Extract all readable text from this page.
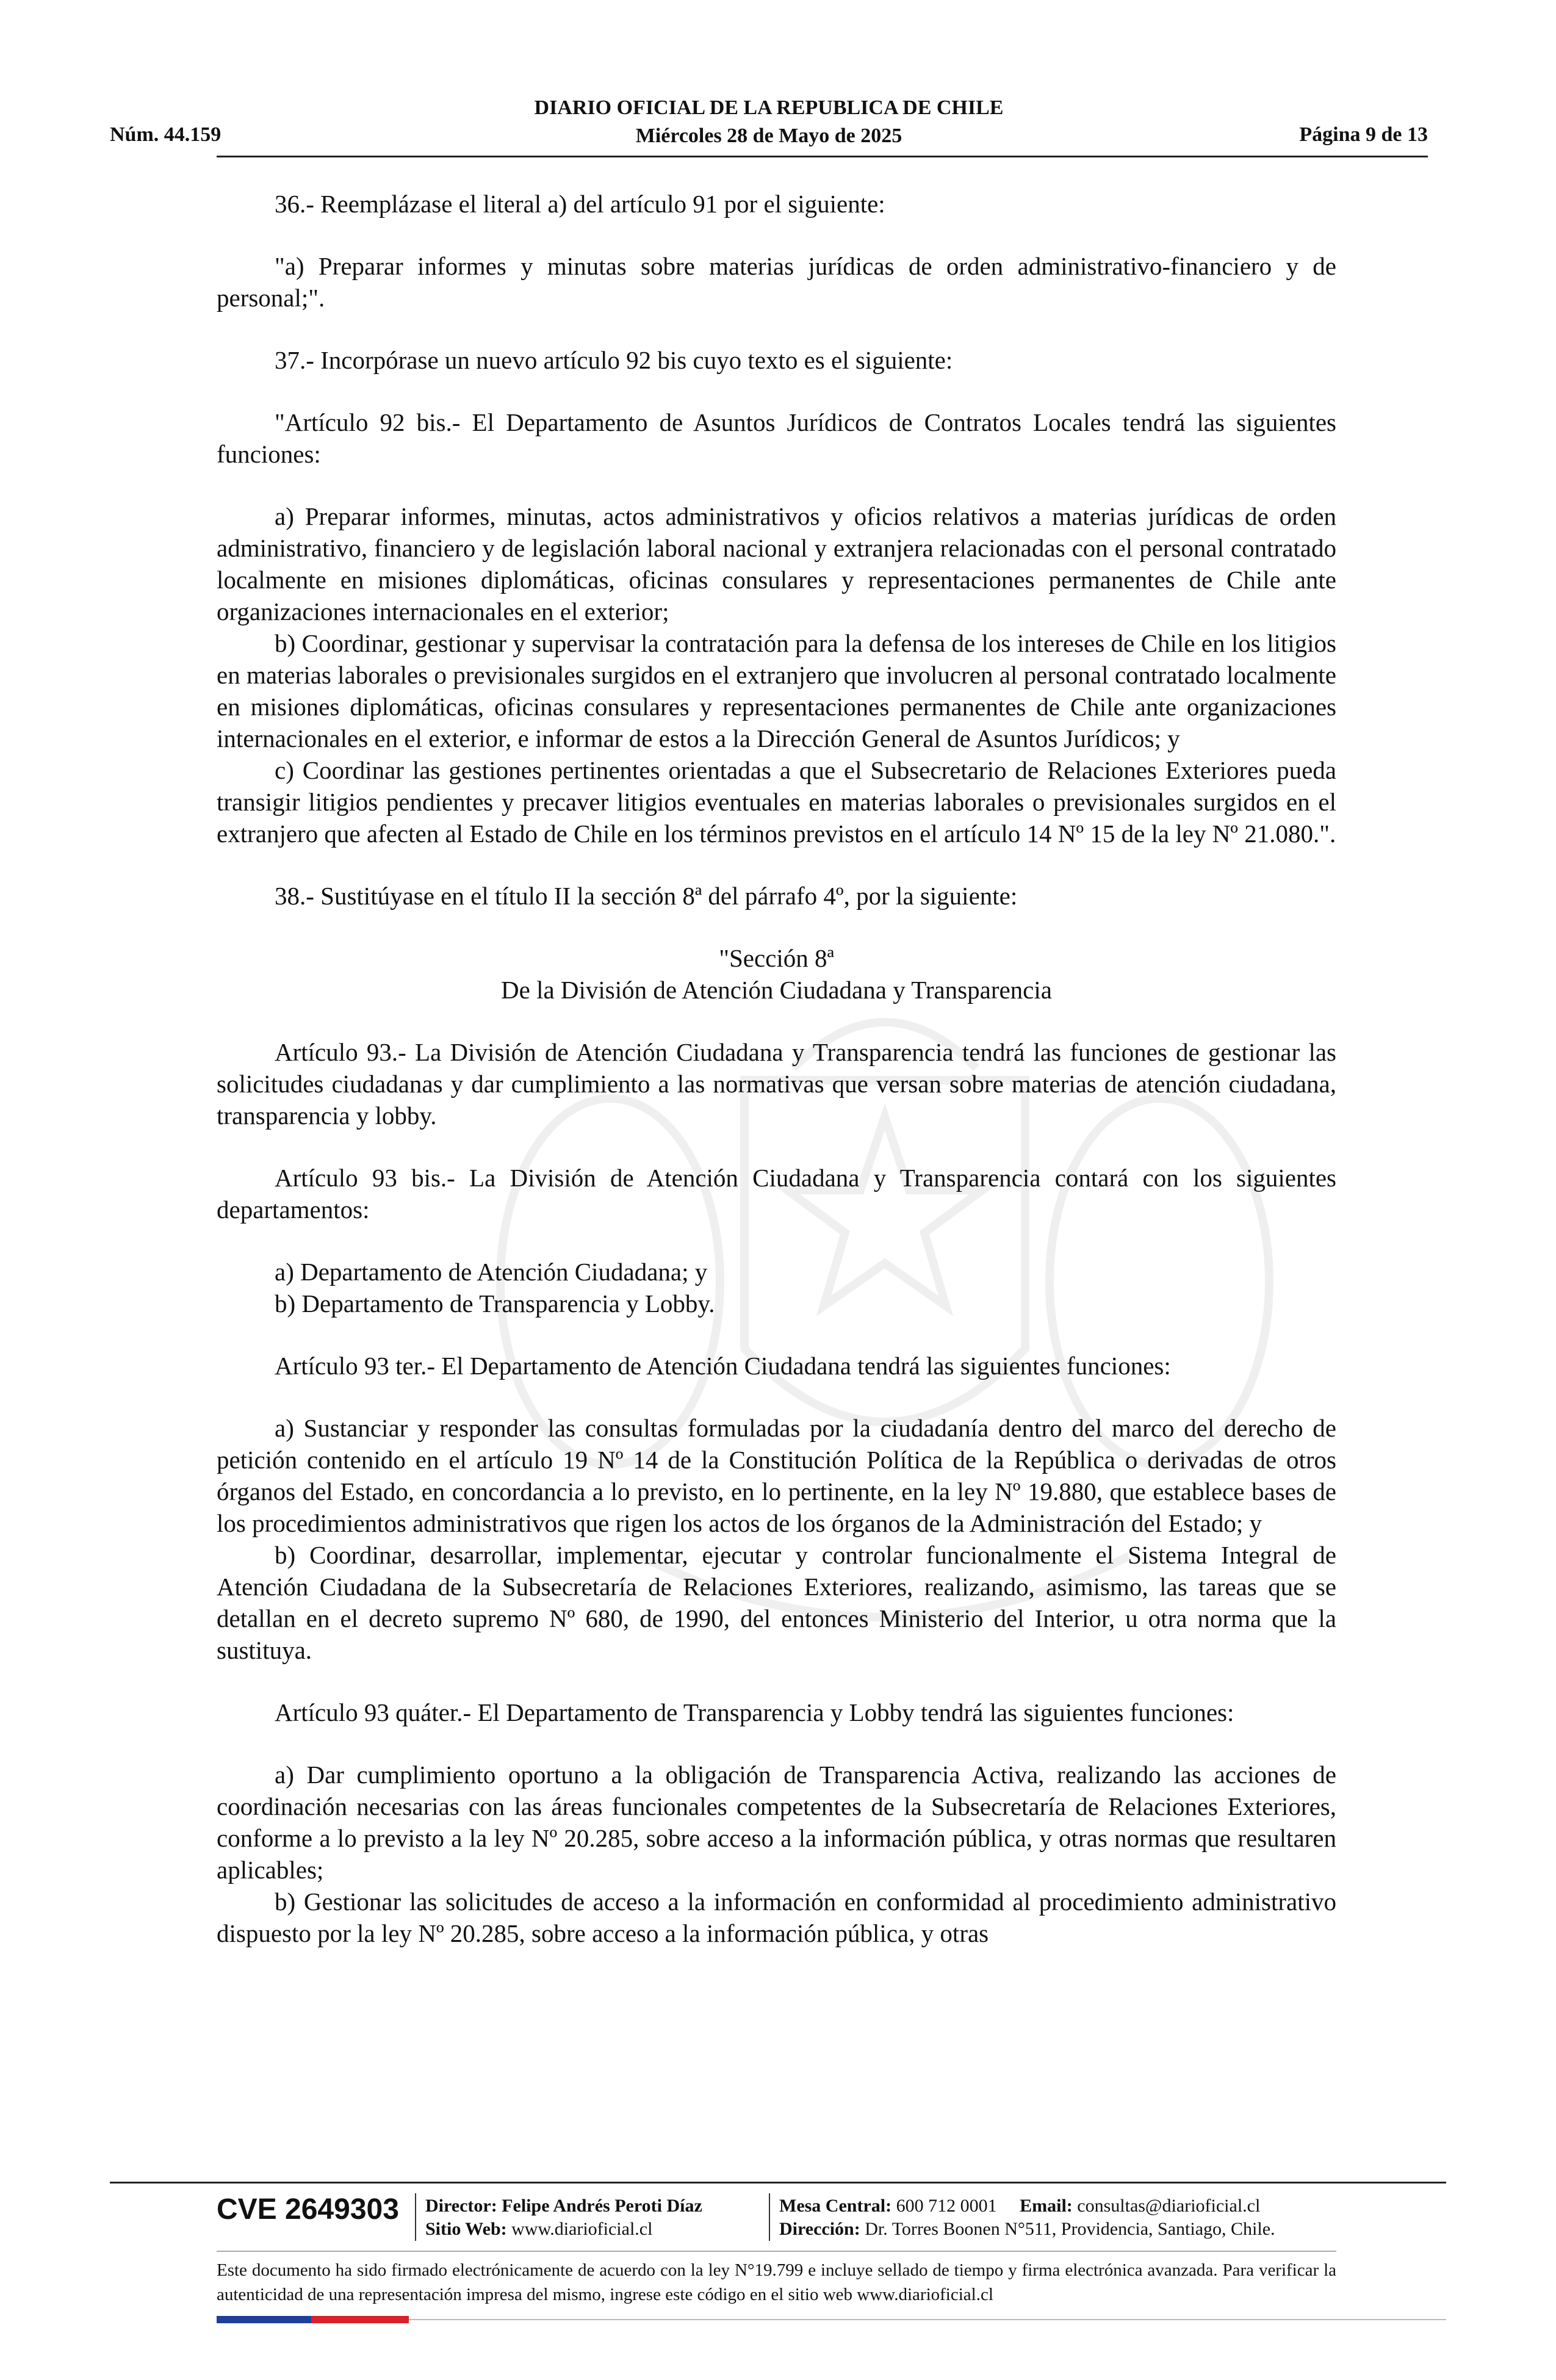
Núm. 44.159
DIARIO OFICIAL DE LA REPUBLICA DE CHILE
Miércoles 28 de Mayo de 2025	Página 9 de 13

36.- Reemplázase el literal a) del artículo 91 por el siguiente:

"a) Preparar informes y minutas sobre materias jurídicas de orden administrativo-financiero y de personal;".

37.- Incorpórase un nuevo artículo 92 bis cuyo texto es el siguiente:

"Artículo 92 bis.- El Departamento de Asuntos Jurídicos de Contratos Locales tendrá las siguientes funciones:

a) Preparar informes, minutas, actos administrativos y oficios relativos a materias jurídicas de orden administrativo, financiero y de legislación laboral nacional y extranjera relacionadas con el personal contratado localmente en misiones diplomáticas, oficinas consulares y representaciones permanentes de Chile ante organizaciones internacionales en el exterior;

b) Coordinar, gestionar y supervisar la contratación para la defensa de los intereses de Chile en los litigios en materias laborales o previsionales surgidos en el extranjero que involucren al personal contratado localmente en misiones diplomáticas, oficinas consulares y representaciones permanentes de Chile ante organizaciones internacionales en el exterior, e informar de estos a la Dirección General de Asuntos Jurídicos; y

c) Coordinar las gestiones pertinentes orientadas a que el Subsecretario de Relaciones Exteriores pueda transigir litigios pendientes y precaver litigios eventuales en materias laborales o previsionales surgidos en el extranjero que afecten al Estado de Chile en los términos previstos en el artículo 14 Nº 15 de la ley Nº 21.080.".

38.- Sustitúyase en el título II la sección 8ª del párrafo 4º, por la siguiente:

"Sección 8ª

De la División de Atención Ciudadana y Transparencia

Artículo 93.- La División de Atención Ciudadana y Transparencia tendrá las funciones de gestionar las solicitudes ciudadanas y dar cumplimiento a las normativas que versan sobre materias de atención ciudadana, transparencia y lobby.

Artículo 93 bis.- La División de Atención Ciudadana y Transparencia contará con los siguientes departamentos:

a) Departamento de Atención Ciudadana; y

b) Departamento de Transparencia y Lobby.

Artículo 93 ter.- El Departamento de Atención Ciudadana tendrá las siguientes funciones:

a) Sustanciar y responder las consultas formuladas por la ciudadanía dentro del marco del derecho de petición contenido en el artículo 19 Nº 14 de la Constitución Política de la República o derivadas de otros órganos del Estado, en concordancia a lo previsto, en lo pertinente, en la ley Nº 19.880, que establece bases de los procedimientos administrativos que rigen los actos de los órganos de la Administración del Estado; y

b) Coordinar, desarrollar, implementar, ejecutar y controlar funcionalmente el Sistema Integral de Atención Ciudadana de la Subsecretaría de Relaciones Exteriores, realizando, asimismo, las tareas que se detallan en el decreto supremo Nº 680, de 1990, del entonces Ministerio del Interior, u otra norma que la sustituya.

Artículo 93 quáter.- El Departamento de Transparencia y Lobby tendrá las siguientes funciones:

a) Dar cumplimiento oportuno a la obligación de Transparencia Activa, realizando las acciones de coordinación necesarias con las áreas funcionales competentes de la Subsecretaría de Relaciones Exteriores, conforme a lo previsto a la ley Nº 20.285, sobre acceso a la información pública, y otras normas que resultaren aplicables;

b) Gestionar las solicitudes de acceso a la información en conformidad al procedimiento administrativo dispuesto por la ley Nº 20.285, sobre acceso a la información pública, y otras

CVE 2649303 Director: Felipe Andrés Peroti Díaz
Sitio Web: www.diarioficial.cl
Mesa Central: 600 712 0001 Email: consultas@diarioficial.cl
Dirección: Dr. Torres Boonen N°511, Providencia, Santiago, Chile.
Este documento ha sido firmado electrónicamente de acuerdo con la ley N°19.799 e incluye sellado de tiempo y firma electrónica avanzada. Para verificar la autenticidad de una representación impresa del mismo, ingrese este código en el sitio web www.diarioficial.cl
